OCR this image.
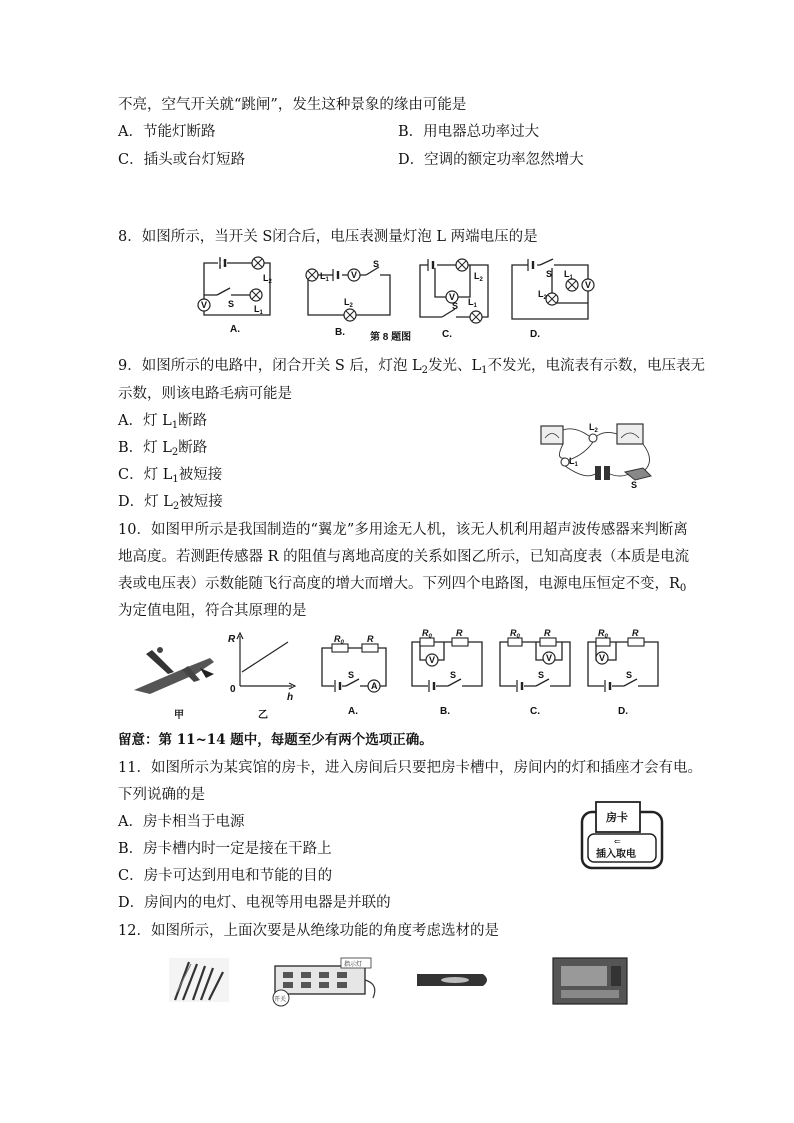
不亮，空气开关就“跳闸”，发生这种景象的缘由可能是
A．节能灯断路	B．用电器总功率过大
C．插头或台灯短路	D．空调的额定功率忽然增大
8．如图所示，当开关 S闭合后，电压表测量灯泡 L 两端电压的是
$L_2$
$L_1$
S
V
A.
$L_1$ V
S
$L_2$
B.
$L_2$
V $L_1$
S
C.
S $L_1$
V
$L_2$
D.
第 8 题图
9．如图所示的电路中，闭合开关 S 后，灯泡 $L_2$发光、$L_1$不发光，电流表有示数，电压表无
示数，则该电路毛病可能是
A．灯 $L_1$断路
B．灯 $L_2$断路
C．灯 $L_1$被短接
D．灯 $L_2$被短接
$L_2$
$L_1$
S
10．如图甲所示是我国制造的“翼龙”多用途无人机，该无人机利用超声波传感器来判断离
地高度。若测距传感器 R 的阻值与离地高度的关系如图乙所示，已知高度表（本质是电流
表或电压表）示数能随飞行高度的增大而增大。下列四个电路图，电源电压恒定不变，$R_0$
为定值电阻，符合其原理的是
甲
R
h
0
乙
$R_0$	R
S
A
A.
$R_0$	R
V
S
B.
$R_0$	R
V
S
C.
$R_0$	R
V
S
D.
留意：第 11~14 题中，每题至少有两个选项正确。
11．如图所示为某宾馆的房卡，进入房间后只要把房卡槽中，房间内的灯和插座才会有电。
下列说确的是
A．房卡相当于电源
B．房卡槽内时一定是接在干路上
C．房卡可达到用电和节能的目的
D．房间内的电灯、电视等用电器是并联的
房卡
⇐
插入取电
12．如图所示，上面次要是从绝缘功能的角度考虑选材的是
指示灯
开关
